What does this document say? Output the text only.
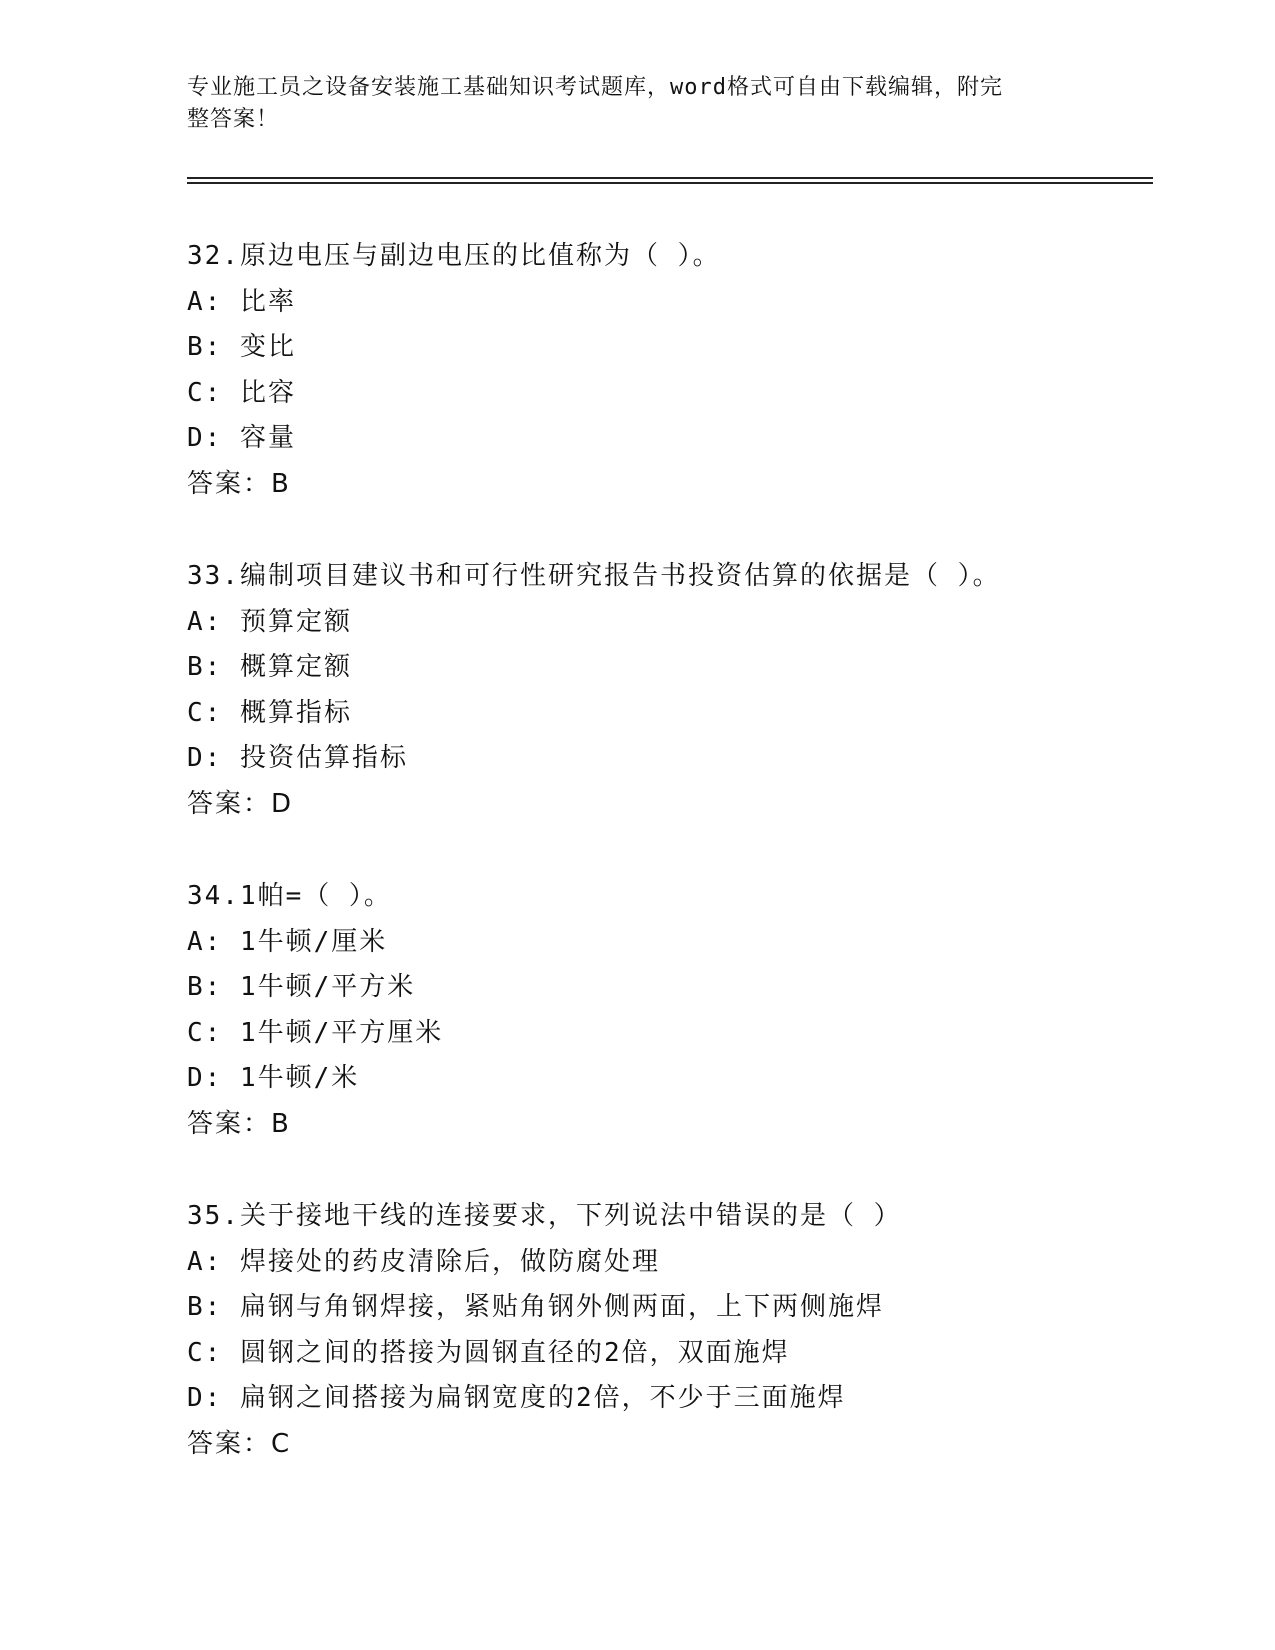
专业施工员之设备安装施工基础知识考试题库，word格式可自由下载编辑，附完
整答案！
32.原边电压与副边电压的比值称为（ ）。
A: 比率
B: 变比
C: 比容
D: 容量
答案：B
33.编制项目建议书和可行性研究报告书投资估算的依据是（ ）。
A: 预算定额
B: 概算定额
C: 概算指标
D: 投资估算指标
答案：D
34.1帕=（ ）。
A: 1牛顿/厘米
B: 1牛顿/平方米
C: 1牛顿/平方厘米
D: 1牛顿/米
答案：B
35.关于接地干线的连接要求，下列说法中错误的是（ ）
A: 焊接处的药皮清除后，做防腐处理
B: 扁钢与角钢焊接，紧贴角钢外侧两面，上下两侧施焊
C: 圆钢之间的搭接为圆钢直径的2倍，双面施焊
D: 扁钢之间搭接为扁钢宽度的2倍，不少于三面施焊
答案：C
